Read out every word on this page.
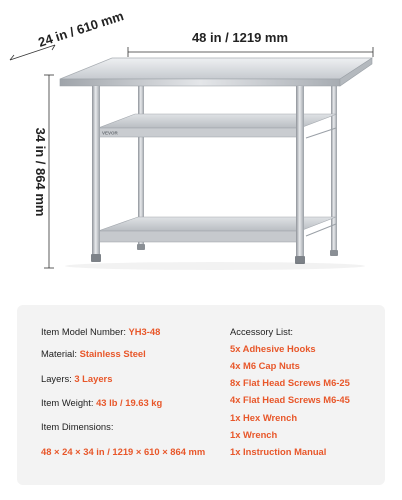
24 in / 610 mm	48 in / 1219 mm
34 in / 864 mm	VEVOR
Item Model Number: YH3-48
Material: Stainless Steel
Layers: 3 Layers
Item Weight: 43 lb / 19.63 kg
Item Dimensions:
48 × 24 × 34 in / 1219 × 610 × 864 mm
Accessory List:
5x Adhesive Hooks
4x M6 Cap Nuts
8x Flat Head Screws M6-25
4x Flat Head Screws M6-45
1x Hex Wrench
1x Wrench
1x Instruction Manual
